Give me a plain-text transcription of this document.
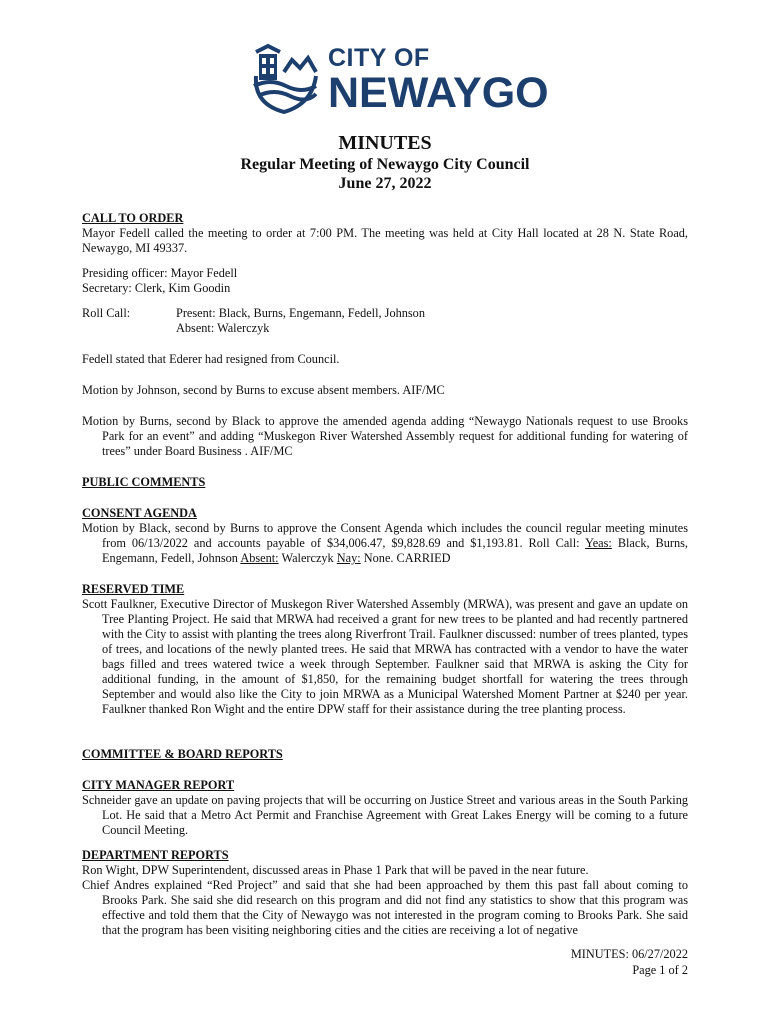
CITY OF
NEWAYGO
MINUTES
Regular Meeting of Newaygo City Council
June 27, 2022

CALL TO ORDER

Mayor Fedell called the meeting to order at 7:00 PM. The meeting was held at City Hall located at 28 N. State Road, Newaygo, MI 49337.

Presiding officer: Mayor Fedell

Secretary: Clerk, Kim Goodin

Roll Call:	Present: Black, Burns, Engemann, Fedell, Johnson
Absent: Walerczyk

Fedell stated that Ederer had resigned from Council.

Motion by Johnson, second by Burns to excuse absent members. AIF/MC

Motion by Burns, second by Black to approve the amended agenda adding “Newaygo Nationals request to use Brooks Park for an event” and adding “Muskegon River Watershed Assembly request for additional funding for watering of trees” under Board Business . AIF/MC

PUBLIC COMMENTS

CONSENT AGENDA

Motion by Black, second by Burns to approve the Consent Agenda which includes the council regular meeting minutes from 06/13/2022 and accounts payable of $34,006.47, $9,828.69 and $1,193.81. Roll Call: Yeas: Black, Burns, Engemann, Fedell, Johnson Absent: Walerczyk Nay: None. CARRIED

RESERVED TIME

Scott Faulkner, Executive Director of Muskegon River Watershed Assembly (MRWA), was present and gave an update on Tree Planting Project. He said that MRWA had received a grant for new trees to be planted and had recently partnered with the City to assist with planting the trees along Riverfront Trail. Faulkner discussed: number of trees planted, types of trees, and locations of the newly planted trees. He said that MRWA has contracted with a vendor to have the water bags filled and trees watered twice a week through September. Faulkner said that MRWA is asking the City for additional funding, in the amount of $1,850, for the remaining budget shortfall for watering the trees through September and would also like the City to join MRWA as a Municipal Watershed Moment Partner at $240 per year. Faulkner thanked Ron Wight and the entire DPW staff for their assistance during the tree planting process.

COMMITTEE & BOARD REPORTS

CITY MANAGER REPORT

Schneider gave an update on paving projects that will be occurring on Justice Street and various areas in the South Parking Lot. He said that a Metro Act Permit and Franchise Agreement with Great Lakes Energy will be coming to a future Council Meeting.

DEPARTMENT REPORTS

Ron Wight, DPW Superintendent, discussed areas in Phase 1 Park that will be paved in the near future.

Chief Andres explained “Red Project” and said that she had been approached by them this past fall about coming to Brooks Park. She said she did research on this program and did not find any statistics to show that this program was effective and told them that the City of Newaygo was not interested in the program coming to Brooks Park. She said that the program has been visiting neighboring cities and the cities are receiving a lot of negative

MINUTES: 06/27/2022
Page 1 of 2
